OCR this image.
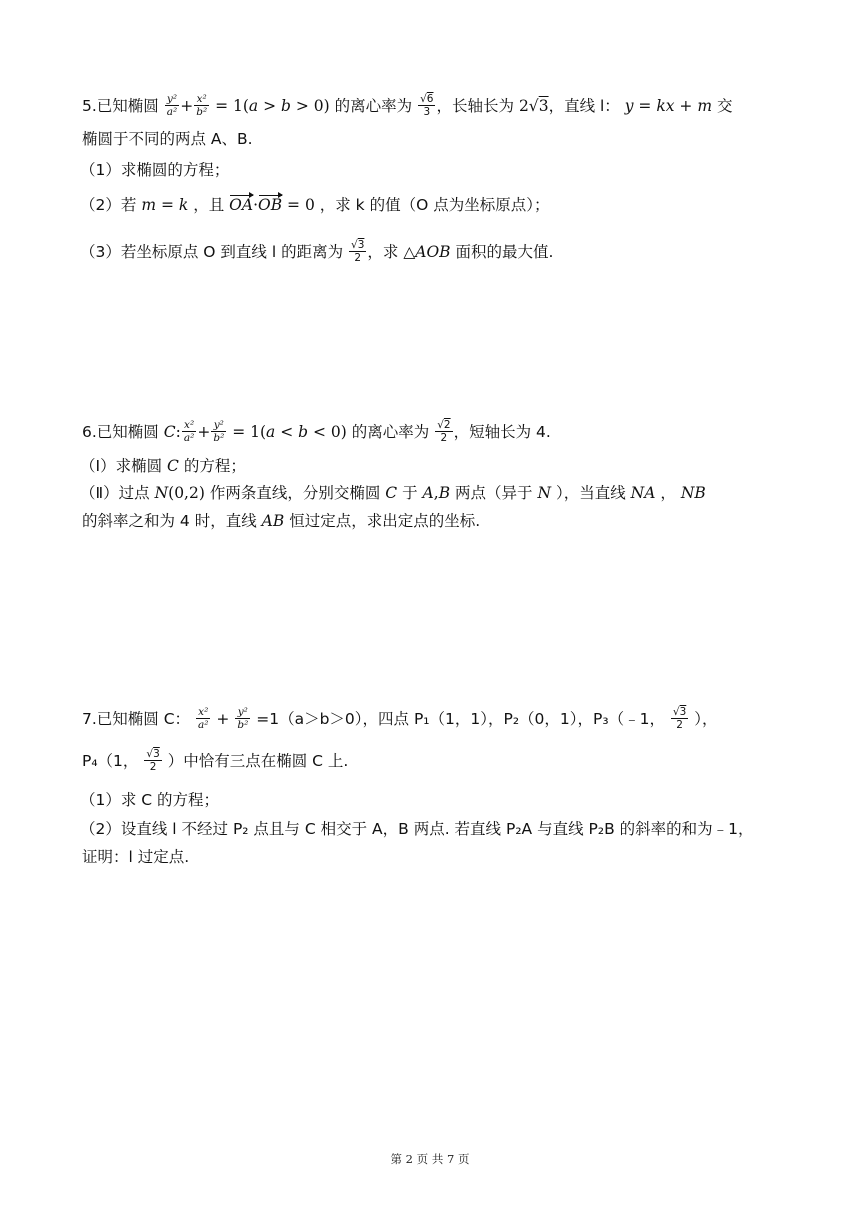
5.已知椭圆 $\frac{\text{y²}}{\text{a²}} + \frac{\text{x²}}{\text{b²}} = 1(a > b > 0)$ 的离心率为 $\frac{√6}{3}$ ，长轴长为 2√3，直线 l： y = kx + m 交
椭圆于不同的两点 A、B.
（1）求椭圆的方程；
（2）若 m = k ，且 OA·OB = 0 ，求 k 的值（O 点为坐标原点）；
（3）若坐标原点 O 到直线 l 的距离为 $\frac{√3}{2}$ ，求 △AOB 面积的最大值.
6.已知椭圆 C: $\frac{\text{x²}}{\text{a²}} + \frac{\text{y²}}{\text{b²}} = 1(a < b < 0)$ 的离心率为 $\frac{√2}{2}$ ，短轴长为 4.
（Ⅰ）求椭圆 C 的方程；
（Ⅱ）过点 N(0,2) 作两条直线，分别交椭圆 C 于 A,B 两点（异于 N ），当直线 NA ， NB
的斜率之和为 4 时，直线 AB 恒过定点，求出定点的坐标.
7.已知椭圆 C： $\frac{\text{x²}}{\text{a²}} + \frac{\text{y²}}{\text{b²}} =1(a>b>0)$，四点 P₁（1，1），P₂（0，1），P₃（﹣1， $\frac{√3}{2}$ ），
P₄（1， $\frac{√3}{2}$ ）中恰有三点在椭圆 C 上.
（1）求 C 的方程；
（2）设直线 l 不经过 P₂ 点且与 C 相交于 A，B 两点. 若直线 P₂A 与直线 P₂B 的斜率的和为﹣1，
证明：l 过定点.
第 2 页 共 7 页
